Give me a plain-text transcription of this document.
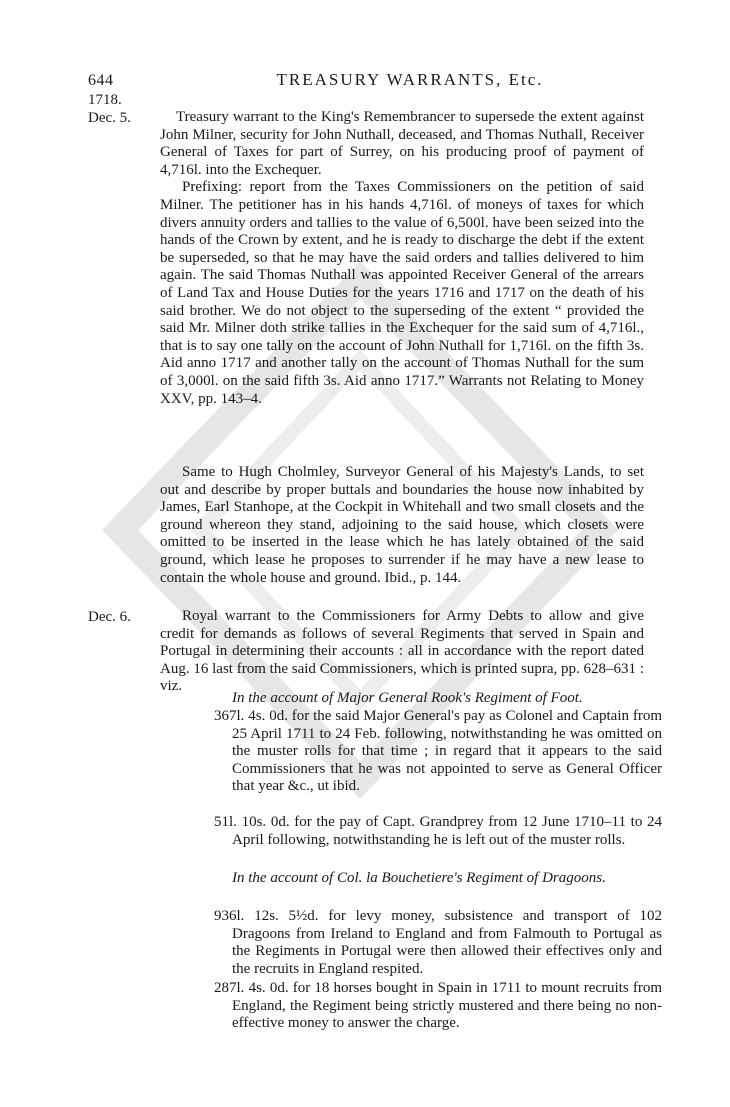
644	TREASURY WARRANTS, Etc.
1718.
Dec. 5.	Treasury warrant to the King's Remembrancer to supersede the extent against John Milner, security for John Nuthall, deceased, and Thomas Nuthall, Receiver General of Taxes for part of Surrey, on his producing proof of payment of 4,716l. into the Exchequer.

Prefixing: report from the Taxes Commissioners on the petition of said Milner. The petitioner has in his hands 4,716l. of moneys of taxes for which divers annuity orders and tallies to the value of 6,500l. have been seized into the hands of the Crown by extent, and he is ready to discharge the debt if the extent be superseded, so that he may have the said orders and tallies delivered to him again. The said Thomas Nuthall was appointed Receiver General of the arrears of Land Tax and House Duties for the years 1716 and 1717 on the death of his said brother. We do not object to the superseding of the extent “ provided the said Mr. Milner doth strike tallies in the Exchequer for the said sum of 4,716l., that is to say one tally on the account of John Nuthall for 1,716l. on the fifth 3s. Aid anno 1717 and another tally on the account of Thomas Nuthall for the sum of 3,000l. on the said fifth 3s. Aid anno 1717.” Warrants not Relating to Money XXV, pp. 143–4.

Same to Hugh Cholmley, Surveyor General of his Majesty's Lands, to set out and describe by proper buttals and boundaries the house now inhabited by James, Earl Stanhope, at the Cockpit in Whitehall and two small closets and the ground whereon they stand, adjoining to the said house, which closets were omitted to be inserted in the lease which he has lately obtained of the said ground, which lease he proposes to surrender if he may have a new lease to contain the whole house and ground. Ibid., p. 144.

Dec. 6.	Royal warrant to the Commissioners for Army Debts to allow and give credit for demands as follows of several Regiments that served in Spain and Portugal in determining their accounts : all in accordance with the report dated Aug. 16 last from the said Commissioners, which is printed supra, pp. 628–631 : viz.

In the account of Major General Rook's Regiment of Foot.
367l. 4s. 0d. for the said Major General's pay as Colonel and Captain from 25 April 1711 to 24 Feb. following, notwithstanding he was omitted on the muster rolls for that time ; in regard that it appears to the said Commissioners that he was not appointed to serve as General Officer that year &c., ut ibid.
51l. 10s. 0d. for the pay of Capt. Grandprey from 12 June 1710–11 to 24 April following, notwithstanding he is left out of the muster rolls.
In the account of Col. la Bouchetiere's Regiment of Dragoons.
936l. 12s. 5½d. for levy money, subsistence and transport of 102 Dragoons from Ireland to England and from Falmouth to Portugal as the Regiments in Portugal were then allowed their effectives only and the recruits in England respited.
287l. 4s. 0d. for 18 horses bought in Spain in 1711 to mount recruits from England, the Regiment being strictly mustered and there being no non-effective money to answer the charge.
